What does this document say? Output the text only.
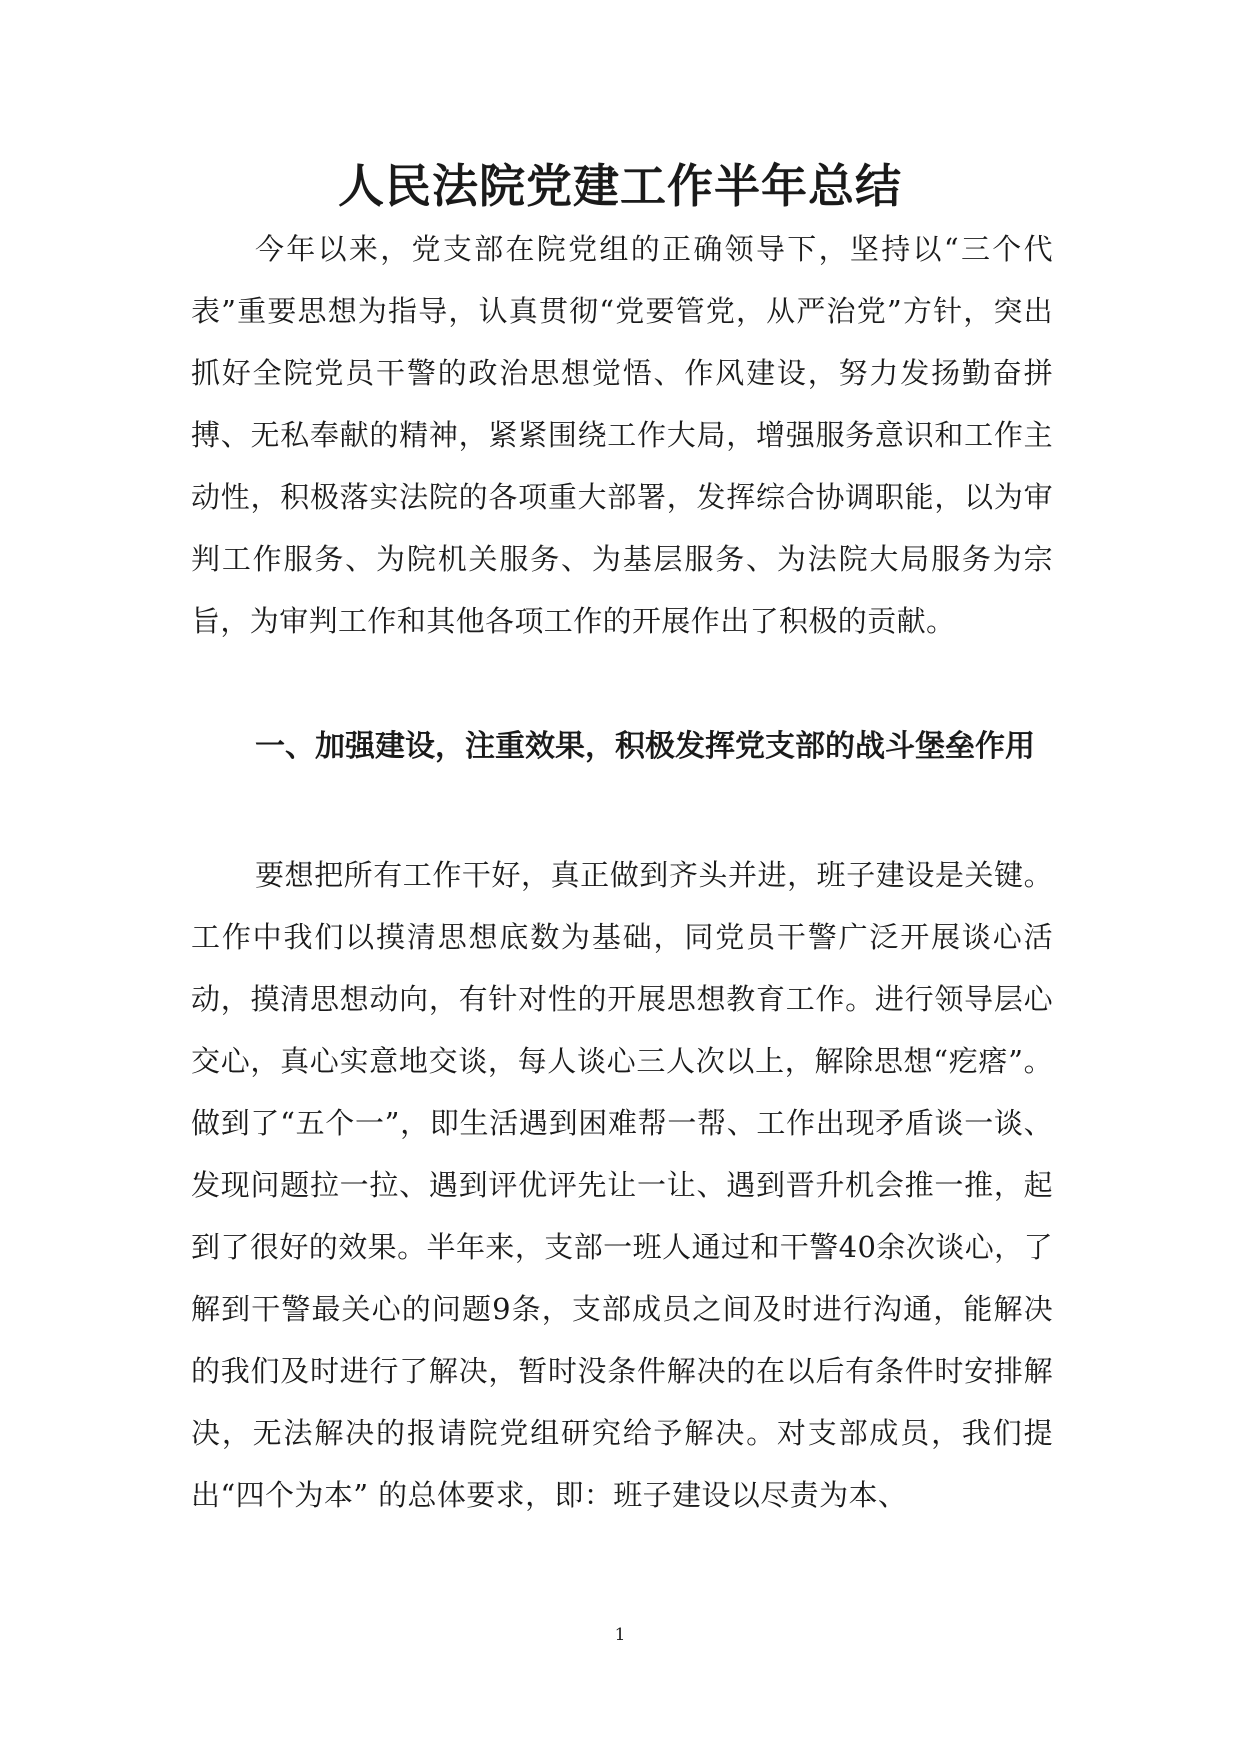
人民法院党建工作半年总结

今年以来，党支部在院党组的正确领导下，坚持以“三个代表”重要思想为指导，认真贯彻“党要管党，从严治党”方针，突出抓好全院党员干警的政治思想觉悟、作风建设，努力发扬勤奋拼搏、无私奉献的精神，紧紧围绕工作大局，增强服务意识和工作主动性，积极落实法院的各项重大部署，发挥综合协调职能，以为审判工作服务、为院机关服务、为基层服务、为法院大局服务为宗旨，为审判工作和其他各项工作的开展作出了积极的贡献。

一、加强建设，注重效果，积极发挥党支部的战斗堡垒作用

要想把所有工作干好，真正做到齐头并进，班子建设是关键。工作中我们以摸清思想底数为基础，同党员干警广泛开展谈心活动，摸清思想动向，有针对性的开展思想教育工作。进行领导层心交心，真心实意地交谈，每人谈心三人次以上，解除思想“疙瘩”。做到了“五个一”，即生活遇到困难帮一帮、工作出现矛盾谈一谈、发现问题拉一拉、遇到评优评先让一让、遇到晋升机会推一推，起到了很好的效果。半年来，支部一班人通过和干警40余次谈心，了解到干警最关心的问题9条，支部成员之间及时进行沟通，能解决的我们及时进行了解决，暂时没条件解决的在以后有条件时安排解决，无法解决的报请院党组研究给予解决。对支部成员，我们提出“四个为本” 的总体要求，即：班子建设以尽责为本、

1
